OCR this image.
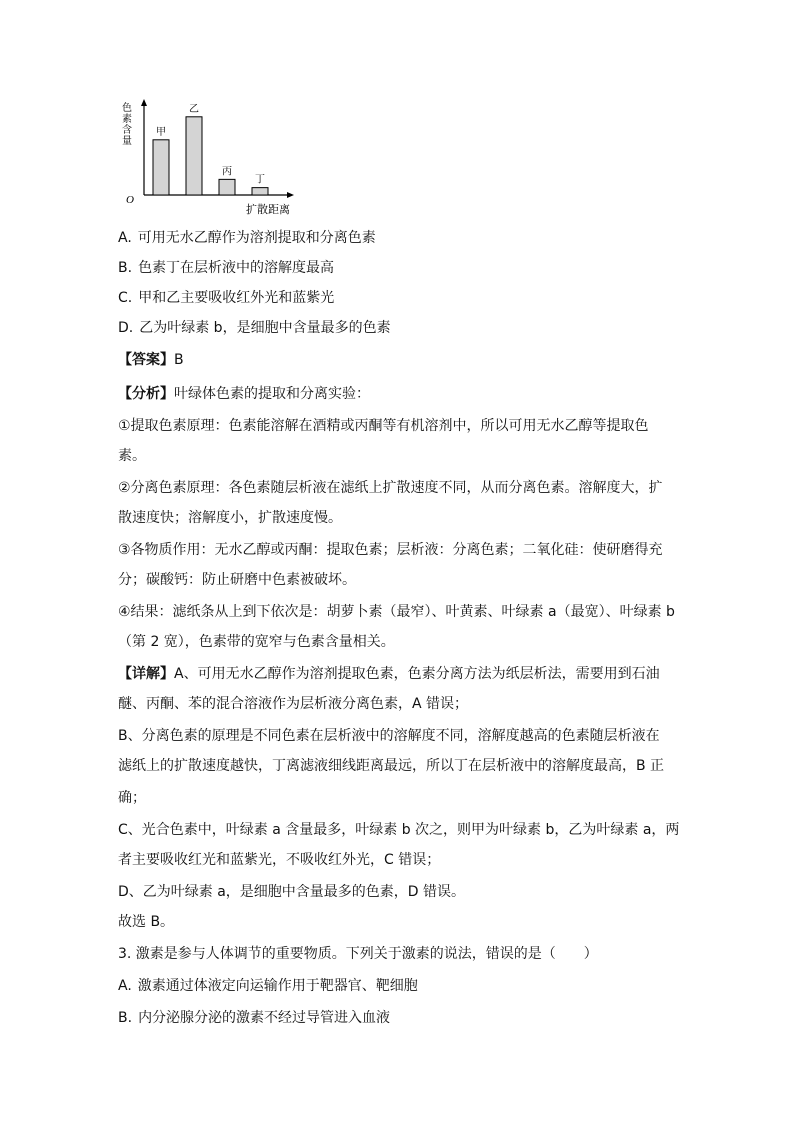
O
扩散距离
色
素
含
量
甲
乙
丙
丁
A. 可用无水乙醇作为溶剂提取和分离色素
B. 色素丁在层析液中的溶解度最高
C. 甲和乙主要吸收红外光和蓝紫光
D. 乙为叶绿素 b，是细胞中含量最多的色素
【答案】B
【分析】叶绿体色素的提取和分离实验：
①提取色素原理：色素能溶解在酒精或丙酮等有机溶剂中，所以可用无水乙醇等提取色
素。
②分离色素原理：各色素随层析液在滤纸上扩散速度不同，从而分离色素。溶解度大，扩
散速度快；溶解度小，扩散速度慢。
③各物质作用：无水乙醇或丙酮：提取色素；层析液：分离色素；二氧化硅：使研磨得充
分；碳酸钙：防止研磨中色素被破坏。
④结果：滤纸条从上到下依次是：胡萝卜素（最窄）、叶黄素、叶绿素 a（最宽）、叶绿素 b
（第 2 宽），色素带的宽窄与色素含量相关。
【详解】A、可用无水乙醇作为溶剂提取色素，色素分离方法为纸层析法，需要用到石油
醚、丙酮、苯的混合溶液作为层析液分离色素，A 错误；
B、分离色素的原理是不同色素在层析液中的溶解度不同，溶解度越高的色素随层析液在
滤纸上的扩散速度越快，丁离滤液细线距离最远，所以丁在层析液中的溶解度最高，B 正
确；
C、光合色素中，叶绿素 a 含量最多，叶绿素 b 次之，则甲为叶绿素 b，乙为叶绿素 a，两
者主要吸收红光和蓝紫光，不吸收红外光，C 错误；
D、乙为叶绿素 a，是细胞中含量最多的色素，D 错误。
故选 B。
3. 激素是参与人体调节的重要物质。下列关于激素的说法，错误的是（　　）
A. 激素通过体液定向运输作用于靶器官、靶细胞
B. 内分泌腺分泌的激素不经过导管进入血液
